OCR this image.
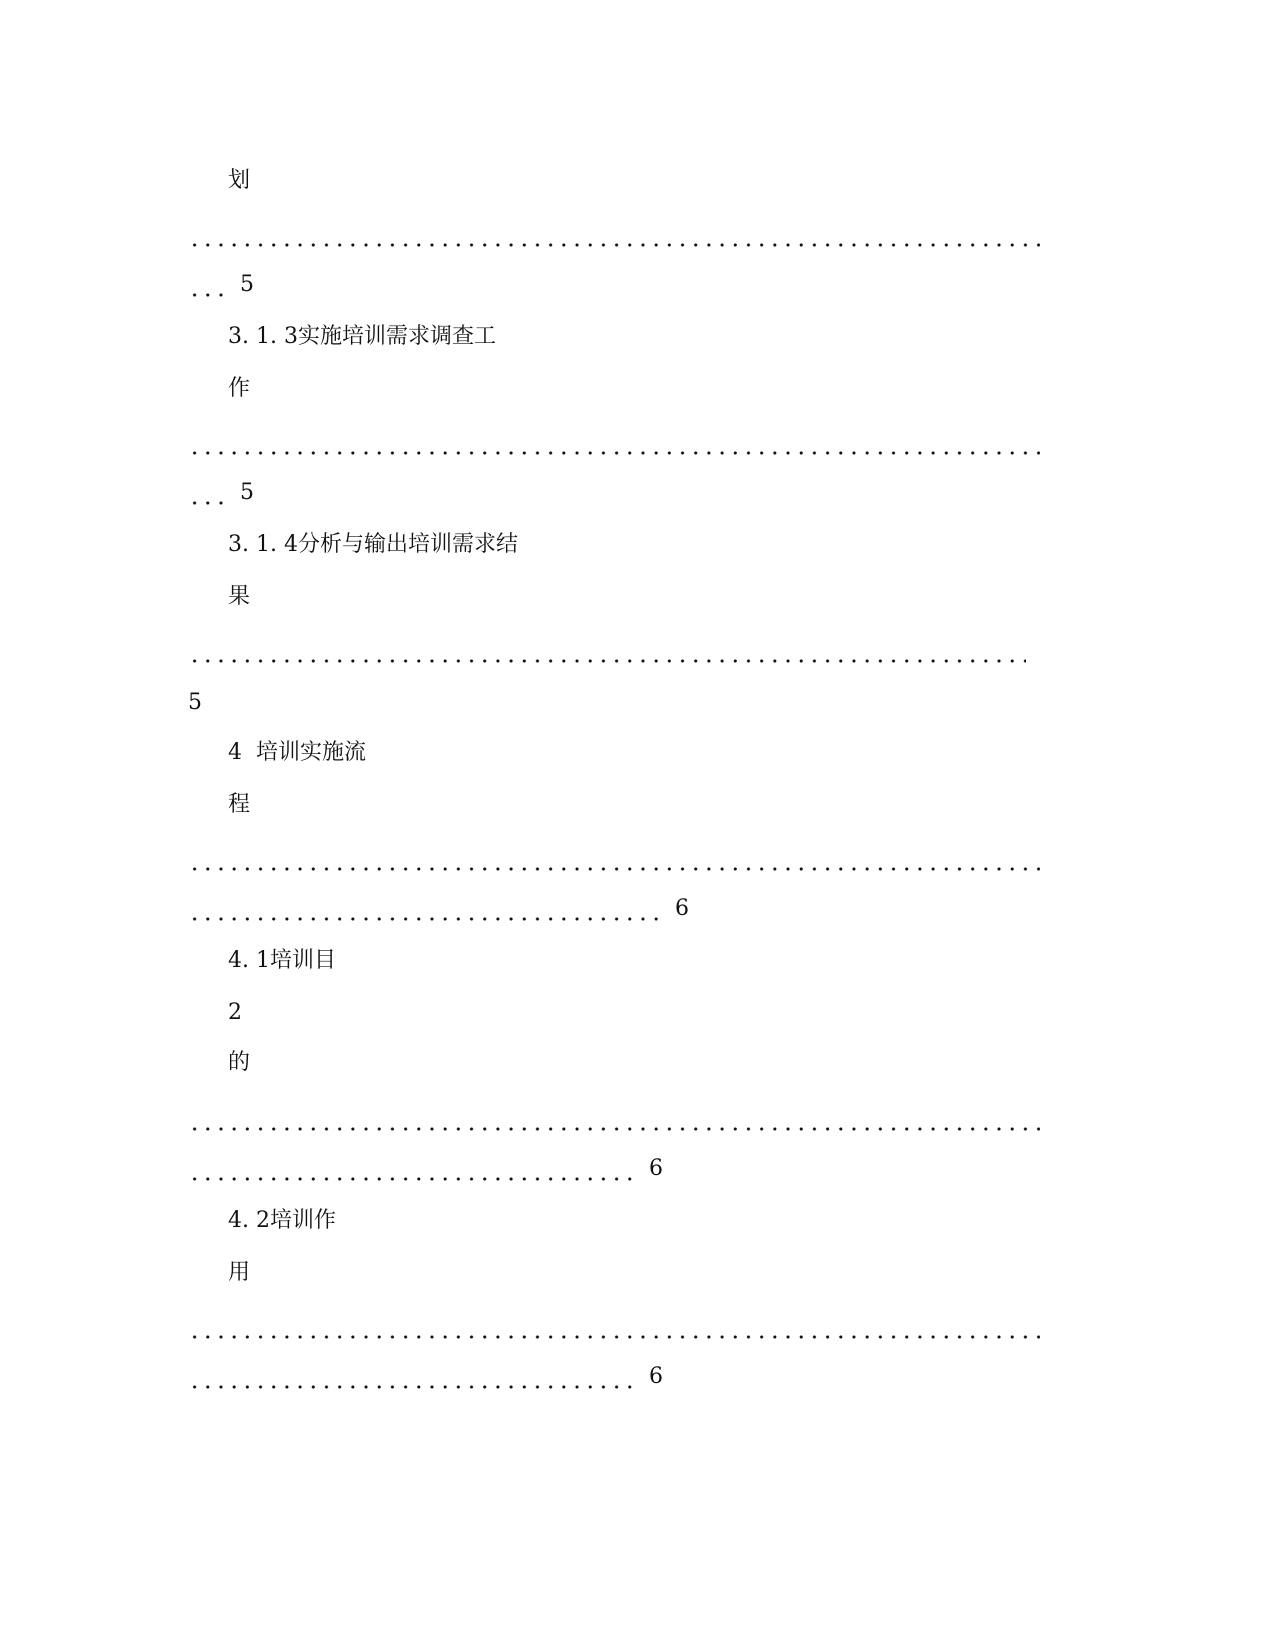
划
5
3. 1. 3实施培训需求调查工
作
5
3. 1. 4分析与输出培训需求结
果
5
4  培训实施流
程
6
4. 1培训目
2
的
6
4. 2培训作
用
6
